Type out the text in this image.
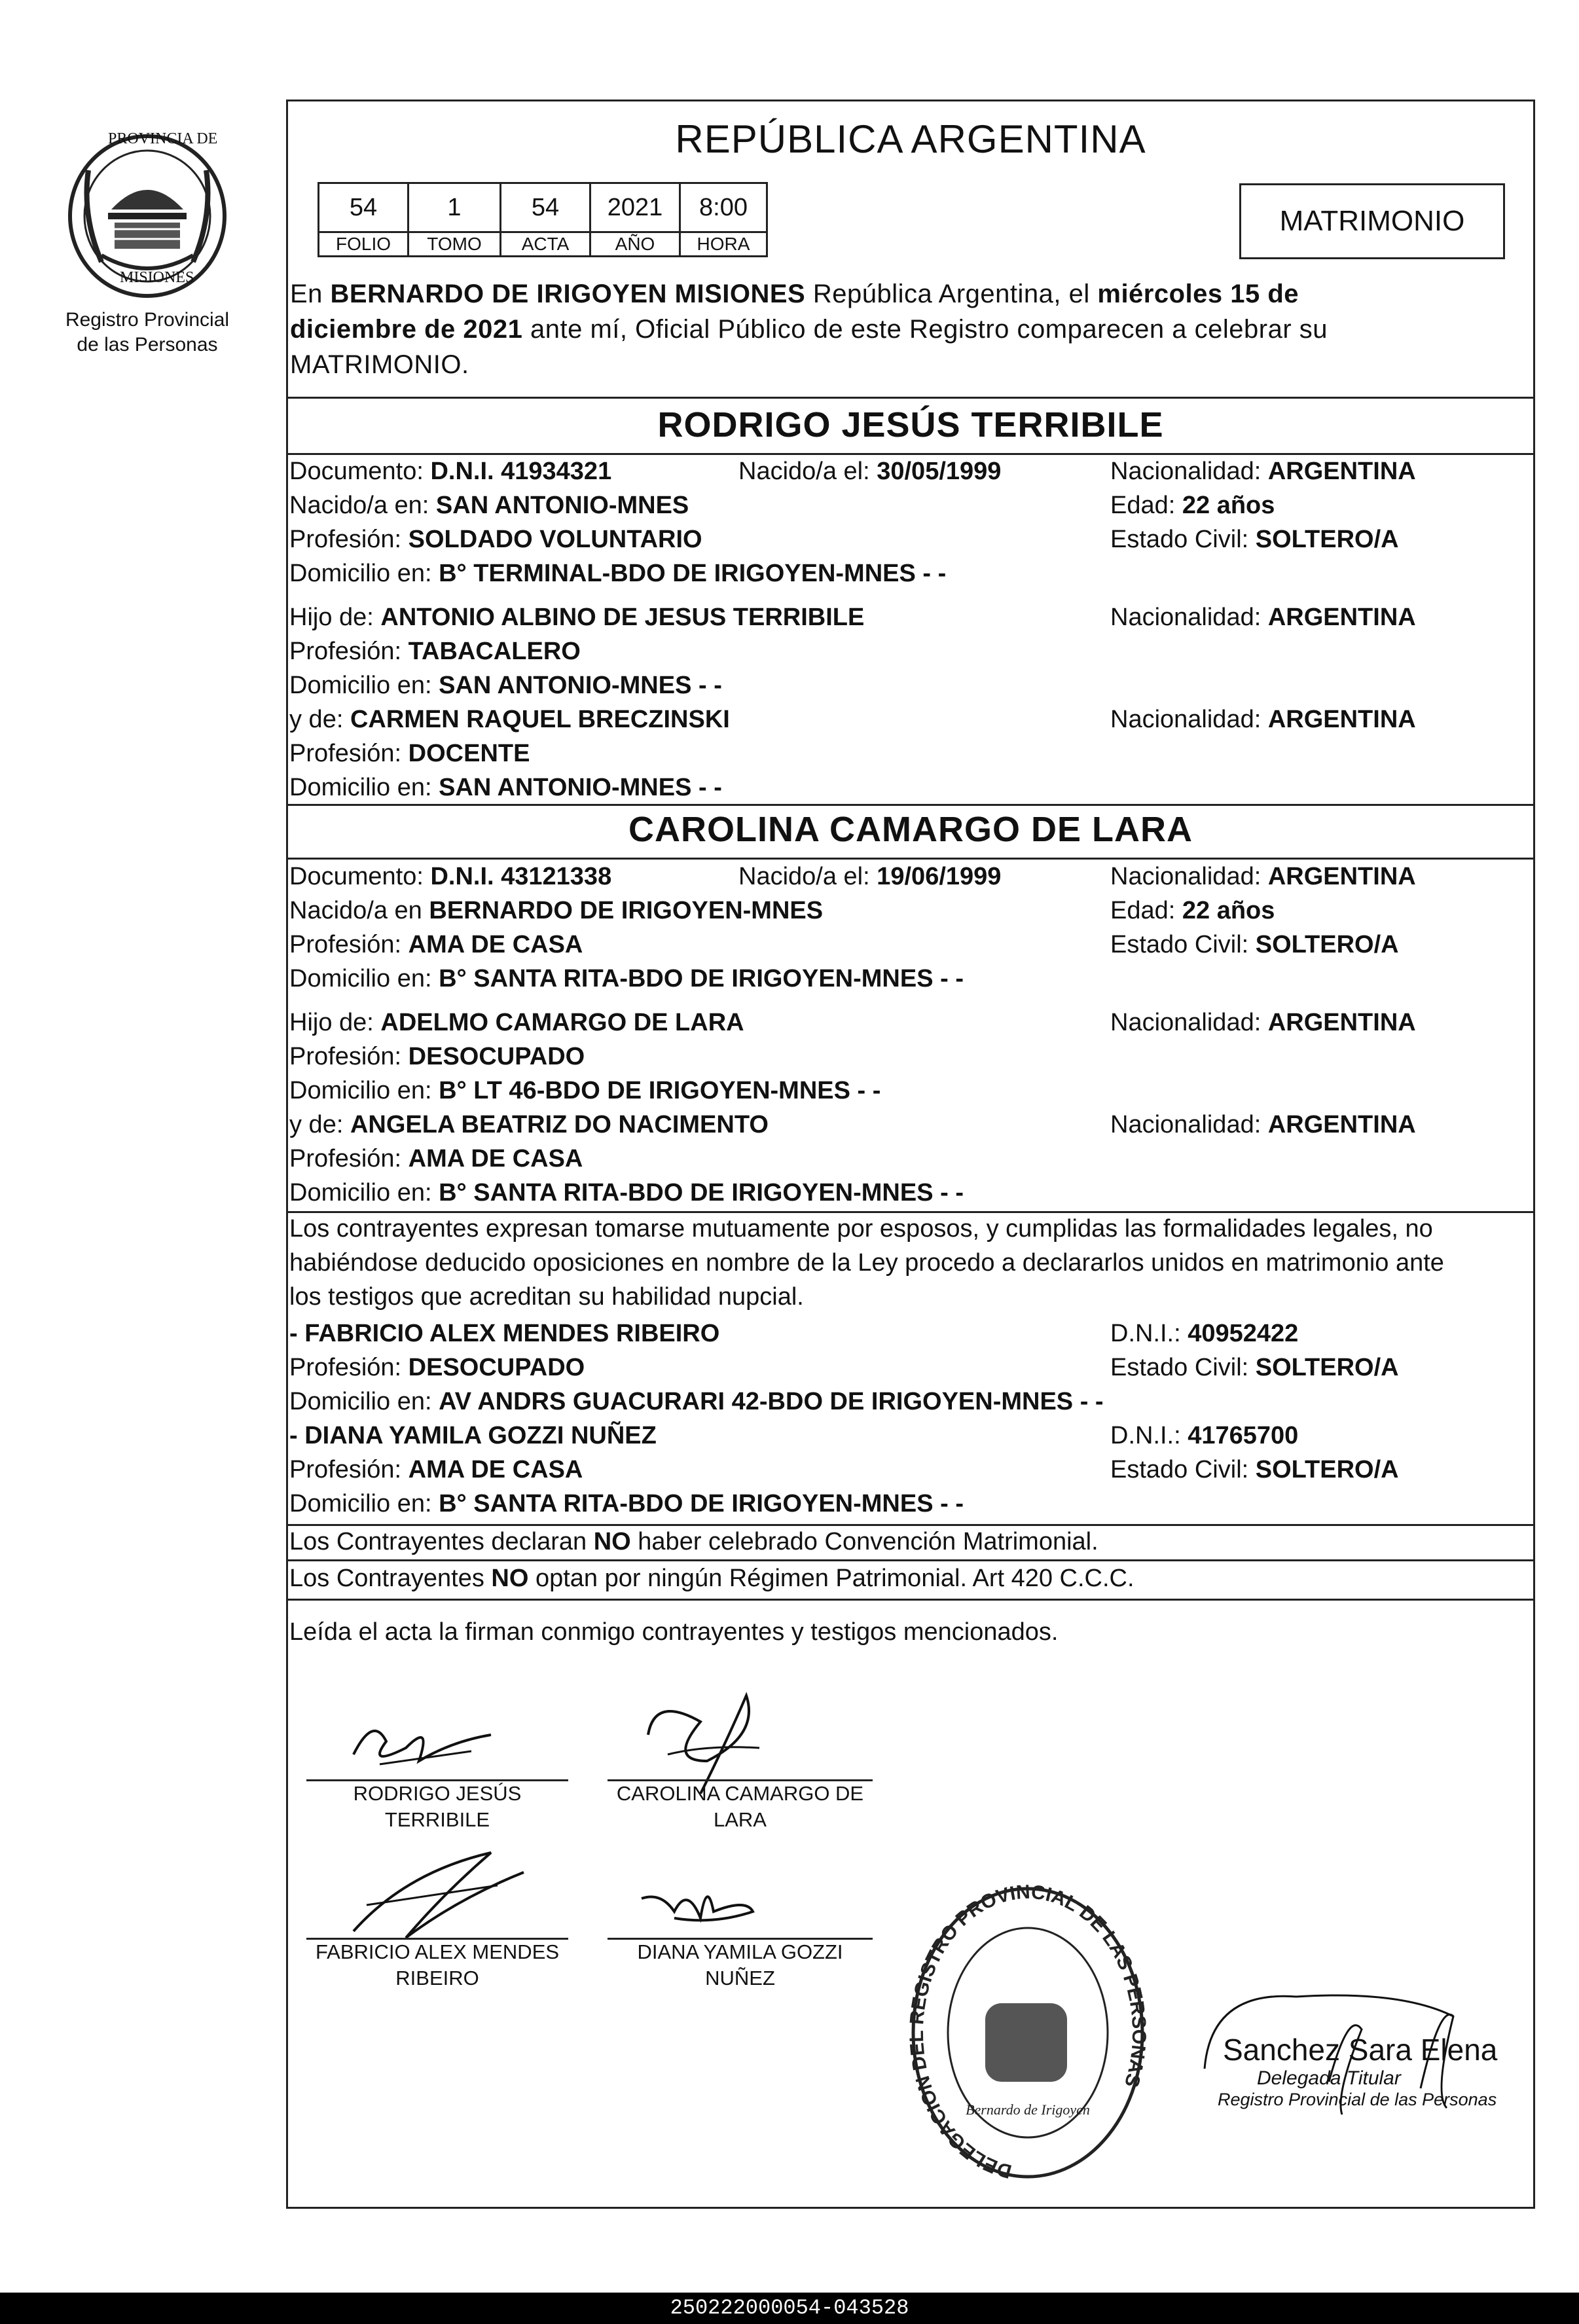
PROVINCIA DE
MISIONES
Registro Provincial
de las Personas
REPÚBLICA ARGENTINA
54	1	54	2021	8:00
FOLIO	TOMO	ACTA	AÑO	HORA
MATRIMONIO
En BERNARDO DE IRIGOYEN MISIONES República Argentina, el miércoles 15 de
diciembre de 2021 ante mí, Oficial Público de este Registro comparecen a celebrar su
MATRIMONIO.
RODRIGO JESÚS TERRIBILE
Documento: D.N.I. 41934321	Nacido/a el: 30/05/1999	Nacionalidad: ARGENTINA
Nacido/a en: SAN ANTONIO-MNES	Edad: 22 años
Profesión: SOLDADO VOLUNTARIO	Estado Civil: SOLTERO/A
Domicilio en: B° TERMINAL-BDO DE IRIGOYEN-MNES - -
Hijo de: ANTONIO ALBINO DE JESUS TERRIBILE	Nacionalidad: ARGENTINA
Profesión: TABACALERO
Domicilio en: SAN ANTONIO-MNES - -
y de: CARMEN RAQUEL BRECZINSKI	Nacionalidad: ARGENTINA
Profesión: DOCENTE
Domicilio en: SAN ANTONIO-MNES - -
CAROLINA CAMARGO DE LARA
Documento: D.N.I. 43121338	Nacido/a el: 19/06/1999	Nacionalidad: ARGENTINA
Nacido/a en BERNARDO DE IRIGOYEN-MNES	Edad: 22 años
Profesión: AMA DE CASA	Estado Civil: SOLTERO/A
Domicilio en: B° SANTA RITA-BDO DE IRIGOYEN-MNES - -
Hijo de: ADELMO CAMARGO DE LARA	Nacionalidad: ARGENTINA
Profesión: DESOCUPADO
Domicilio en: B° LT 46-BDO DE IRIGOYEN-MNES - -
y de: ANGELA BEATRIZ DO NACIMENTO	Nacionalidad: ARGENTINA
Profesión: AMA DE CASA
Domicilio en: B° SANTA RITA-BDO DE IRIGOYEN-MNES - -
Los contrayentes expresan tomarse mutuamente por esposos, y cumplidas las formalidades legales, no
habiéndose deducido oposiciones en nombre de la Ley procedo a declararlos unidos en matrimonio ante
los testigos que acreditan su habilidad nupcial.
- FABRICIO ALEX MENDES RIBEIRO	D.N.I.: 40952422
Profesión: DESOCUPADO	Estado Civil: SOLTERO/A
Domicilio en: AV ANDRS GUACURARI 42-BDO DE IRIGOYEN-MNES - -
- DIANA YAMILA GOZZI NUÑEZ	D.N.I.: 41765700
Profesión: AMA DE CASA	Estado Civil: SOLTERO/A
Domicilio en: B° SANTA RITA-BDO DE IRIGOYEN-MNES - -
Los Contrayentes declaran NO haber celebrado Convención Matrimonial.
Los Contrayentes NO optan por ningún Régimen Patrimonial. Art 420 C.C.C.
Leída el acta la firman conmigo contrayentes y testigos mencionados.
RODRIGO JESÚS
TERRIBILE
CAROLINA CAMARGO DE
LARA
FABRICIO ALEX MENDES
RIBEIRO
DIANA YAMILA GOZZI
NUÑEZ
DELEGACION DEL REGISTRO PROVINCIAL DE LAS PERSONAS
Bernardo de Irigoyen
Sanchez Sara Elena
Delegada Titular
Registro Provincial de las Personas
250222000054-043528
